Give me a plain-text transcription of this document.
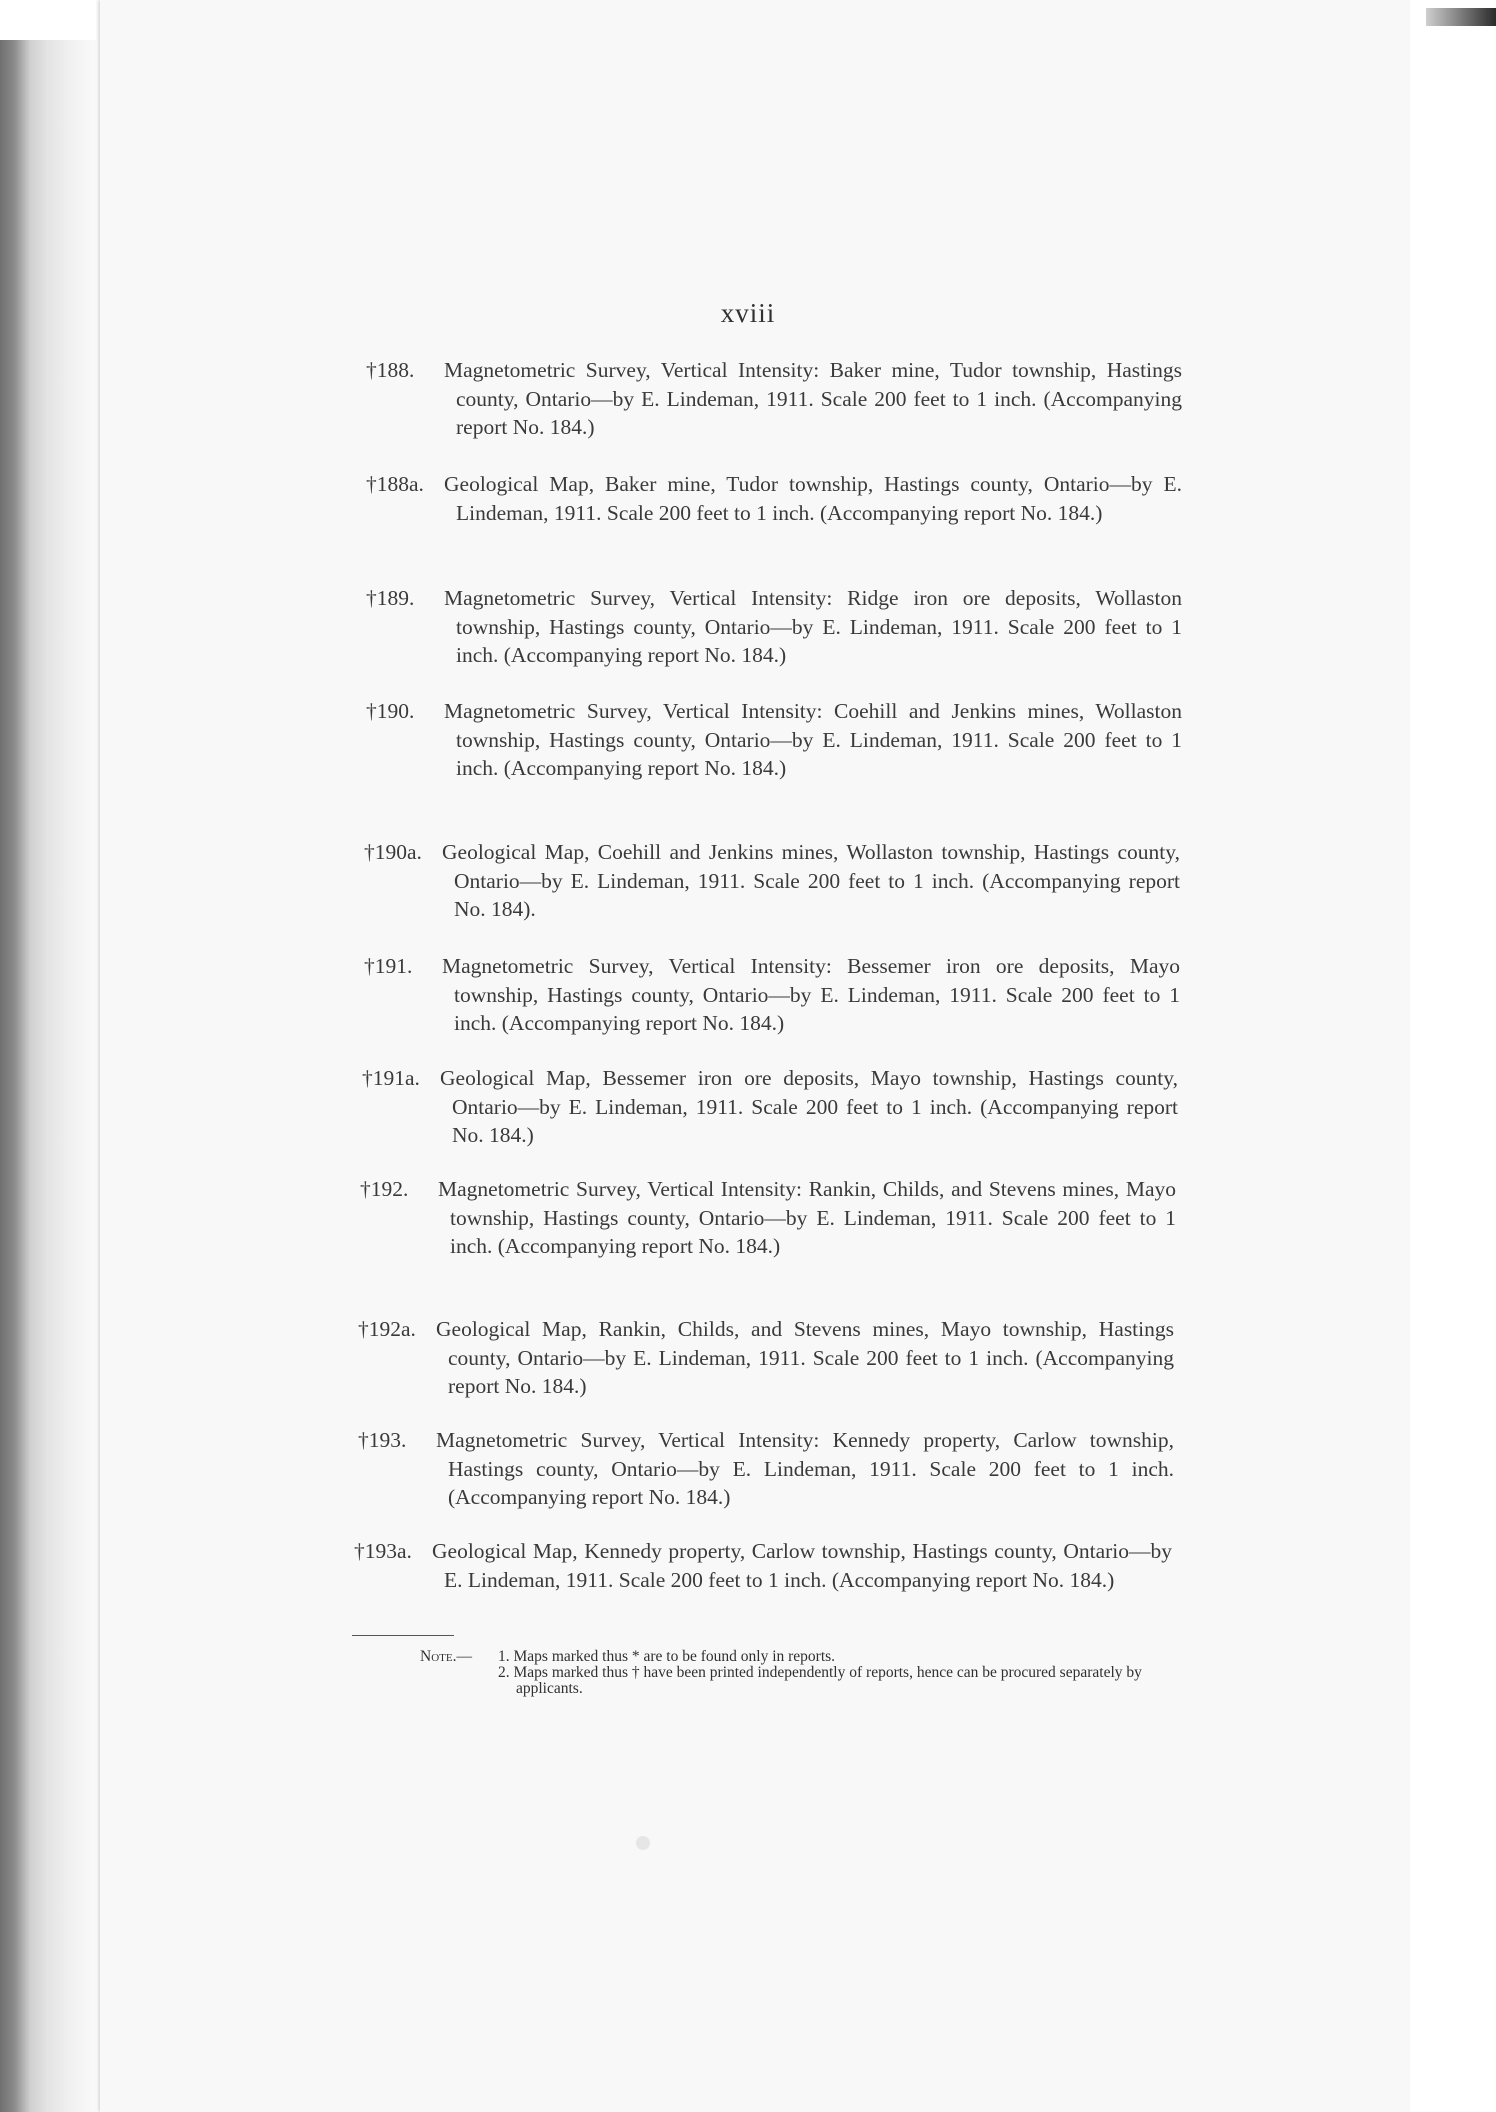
xviii
†188. Magnetometric Survey, Vertical Intensity: Baker mine, Tudor township, Hastings county, Ontario—by E. Lindeman, 1911. Scale 200 feet to 1 inch. (Accompanying report No. 184.)
†188a. Geological Map, Baker mine, Tudor township, Hastings county, Ontario—by E. Lindeman, 1911. Scale 200 feet to 1 inch. (Accompanying report No. 184.)
†189. Magnetometric Survey, Vertical Intensity: Ridge iron ore deposits, Wollaston township, Hastings county, Ontario—by E. Lindeman, 1911. Scale 200 feet to 1 inch. (Accompanying report No. 184.)
†190. Magnetometric Survey, Vertical Intensity: Coehill and Jenkins mines, Wollaston township, Hastings county, Ontario—by E. Lindeman, 1911. Scale 200 feet to 1 inch. (Accompanying report No. 184.)
†190a. Geological Map, Coehill and Jenkins mines, Wollaston township, Hastings county, Ontario—by E. Lindeman, 1911. Scale 200 feet to 1 inch. (Accompanying report No. 184).
†191. Magnetometric Survey, Vertical Intensity: Bessemer iron ore deposits, Mayo township, Hastings county, Ontario—by E. Lindeman, 1911. Scale 200 feet to 1 inch. (Accompanying report No. 184.)
†191a. Geological Map, Bessemer iron ore deposits, Mayo township, Hastings county, Ontario—by E. Lindeman, 1911. Scale 200 feet to 1 inch. (Accompanying report No. 184.)
†192. Magnetometric Survey, Vertical Intensity: Rankin, Childs, and Stevens mines, Mayo township, Hastings county, Ontario—by E. Lindeman, 1911. Scale 200 feet to 1 inch. (Accompanying report No. 184.)
†192a. Geological Map, Rankin, Childs, and Stevens mines, Mayo township, Hastings county, Ontario—by E. Lindeman, 1911. Scale 200 feet to 1 inch. (Accompanying report No. 184.)
†193. Magnetometric Survey, Vertical Intensity: Kennedy property, Carlow township, Hastings county, Ontario—by E. Lindeman, 1911. Scale 200 feet to 1 inch. (Accompanying report No. 184.)
†193a. Geological Map, Kennedy property, Carlow township, Hastings county, Ontario—by E. Lindeman, 1911. Scale 200 feet to 1 inch. (Accompanying report No. 184.)
Note.— 1. Maps marked thus * are to be found only in reports.
2. Maps marked thus † have been printed independently of reports, hence can be procured separately by applicants.
